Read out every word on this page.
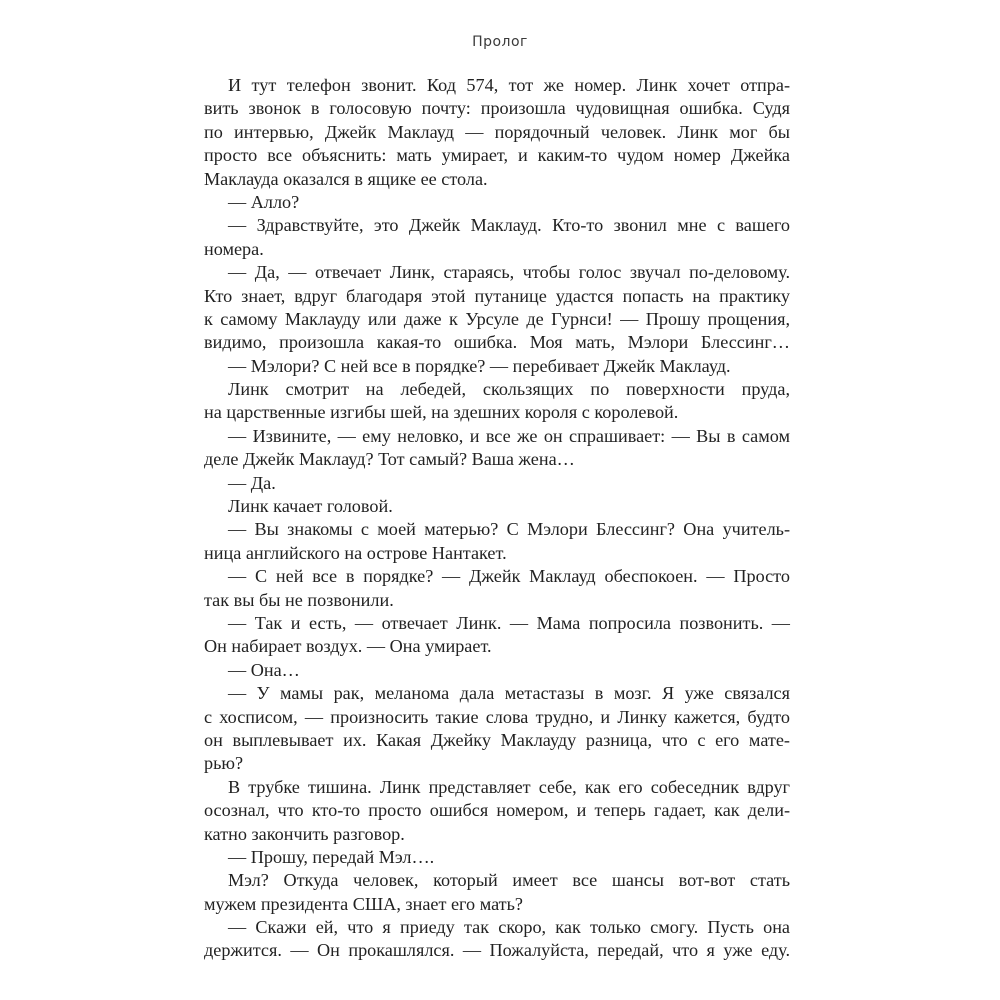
Пролог
И тут телефон звонит. Код 574, тот же номер. Линк хочет отпра-
вить звонок в голосовую почту: произошла чудовищная ошибка. Судя
по интервью, Джейк Маклауд — порядочный человек. Линк мог бы
просто все объяснить: мать умирает, и каким-то чудом номер Джейка
Маклауда оказался в ящике ее стола.
— Алло?
— Здравствуйте, это Джейк Маклауд. Кто-то звонил мне с вашего
номера.
— Да, — отвечает Линк, стараясь, чтобы голос звучал по-деловому.
Кто знает, вдруг благодаря этой путанице удастся попасть на практику
к самому Маклауду или даже к Урсуле де Гурнси! — Прошу прощения,
видимо, произошла какая-то ошибка. Моя мать, Мэлори Блессинг…
— Мэлори? С ней все в порядке? — перебивает Джейк Маклауд.
Линк смотрит на лебедей, скользящих по поверхности пруда,
на царственные изгибы шей, на здешних короля с королевой.
— Извините, — ему неловко, и все же он спрашивает: — Вы в самом
деле Джейк Маклауд? Тот самый? Ваша жена…
— Да.
Линк качает головой.
— Вы знакомы с моей матерью? С Мэлори Блессинг? Она учитель-
ница английского на острове Нантакет.
— С ней все в порядке? — Джейк Маклауд обеспокоен. — Просто
так вы бы не позвонили.
— Так и есть, — отвечает Линк. — Мама попросила позвонить. —
Он набирает воздух. — Она умирает.
— Она…
— У мамы рак, меланома дала метастазы в мозг. Я уже связался
с хосписом, — произносить такие слова трудно, и Линку кажется, будто
он выплевывает их. Какая Джейку Маклауду разница, что с его мате-
рью?
В трубке тишина. Линк представляет себе, как его собеседник вдруг
осознал, что кто-то просто ошибся номером, и теперь гадает, как дели-
катно закончить разговор.
— Прошу, передай Мэл….
Мэл? Откуда человек, который имеет все шансы вот-вот стать
мужем президента США, знает его мать?
— Скажи ей, что я приеду так скоро, как только смогу. Пусть она
держится. — Он прокашлялся. — Пожалуйста, передай, что я уже еду.
